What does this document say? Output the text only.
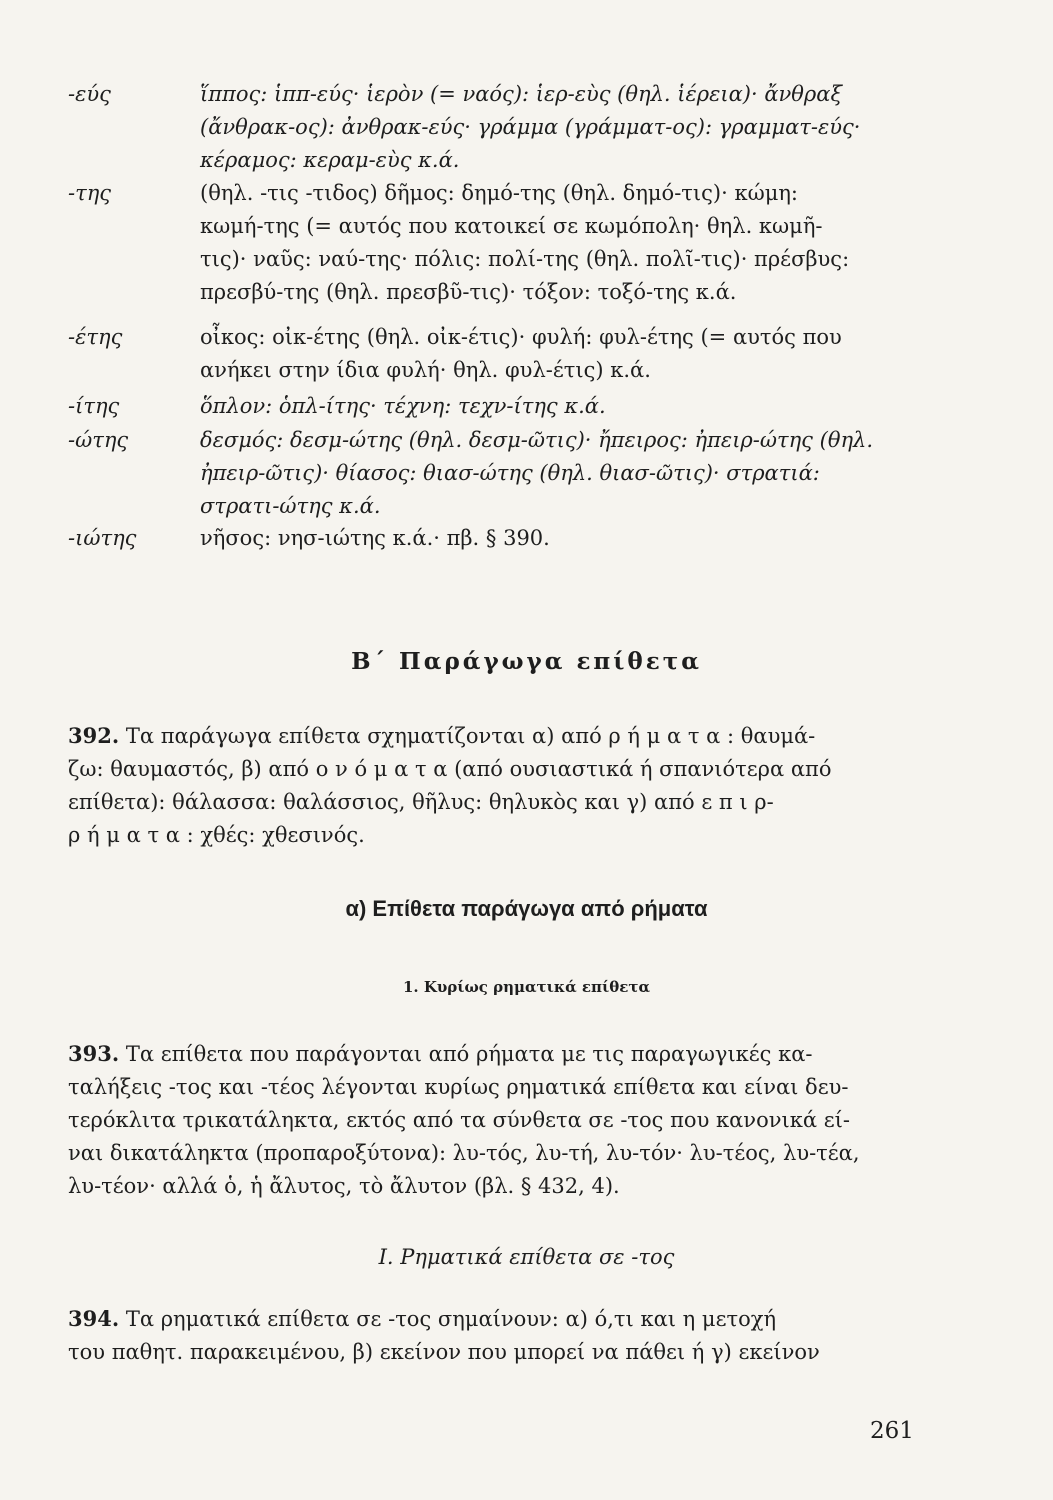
-εύς	ἵππος: ἱππ-εύς· ἱερὸν (= ναός): ἱερ-εὺς (θηλ. ἱέρεια)· ἄνθραξ
(ἄνθρακ-ος): ἀνθρακ-εύς· γράμμα (γράμματ-ος): γραμματ-εύς·
κέραμος: κεραμ-εὺς κ.ά.
-της	(θηλ. -τις -τιδος) δῆμος: δημό-της (θηλ. δημό-τις)· κώμη:
κωμή-της (= αυτός που κατοικεί σε κωμόπολη· θηλ. κωμῆ-
τις)· ναῦς: ναύ-της· πόλις: πολί-της (θηλ. πολῖ-τις)· πρέσβυς:
πρεσβύ-της (θηλ. πρεσβῦ-τις)· τόξον: τοξό-της κ.ά.
-έτης	οἶκος: οἰκ-έτης (θηλ. οἰκ-έτις)· φυλή: φυλ-έτης (= αυτός που
ανήκει στην ίδια φυλή· θηλ. φυλ-έτις) κ.ά.
-ίτης	ὅπλον: ὁπλ-ίτης· τέχνη: τεχν-ίτης κ.ά.
-ώτης	δεσμός: δεσμ-ώτης (θηλ. δεσμ-ῶτις)· ἤπειρος: ἠπειρ-ώτης (θηλ.
ἠπειρ-ῶτις)· θίασος: θιασ-ώτης (θηλ. θιασ-ῶτις)· στρατιά:
στρατι-ώτης κ.ά.
-ιώτης	νῆσος: νησ-ιώτης κ.ά.· πβ. § 390.
Β΄ Παράγωγα επίθετα
392. Τα παράγωγα επίθετα σχηματίζονται α) από ρ ή μ α τ α : θαυμά-
ζω: θαυμαστός, β) από ο ν ό μ α τ α (από ουσιαστικά ή σπανιότερα από
επίθετα): θάλασσα: θαλάσσιος, θῆλυς: θηλυκὸς και γ) από ε π ι ρ-
ρ ή μ α τ α : χθές: χθεσινός.
α) Επίθετα παράγωγα από ρήματα
1. Κυρίως ρηματικά επίθετα
393. Τα επίθετα που παράγονται από ρήματα με τις παραγωγικές κα-
ταλήξεις -τος και -τέος λέγονται κυρίως ρηματικά επίθετα και είναι δευ-
τερόκλιτα τρικατάληκτα, εκτός από τα σύνθετα σε -τος που κανονικά εί-
ναι δικατάληκτα (προπαροξύτονα): λυ-τός, λυ-τή, λυ-τόν· λυ-τέος, λυ-τέα,
λυ-τέον· αλλά ὁ, ἡ ἄλυτος, τὸ ἄλυτον (βλ. § 432, 4).
Ι. Ρηματικά επίθετα σε -τος
394. Τα ρηματικά επίθετα σε -τος σημαίνουν: α) ό,τι και η μετοχή
του παθητ. παρακειμένου, β) εκείνον που μπορεί να πάθει ή γ) εκείνον
261
